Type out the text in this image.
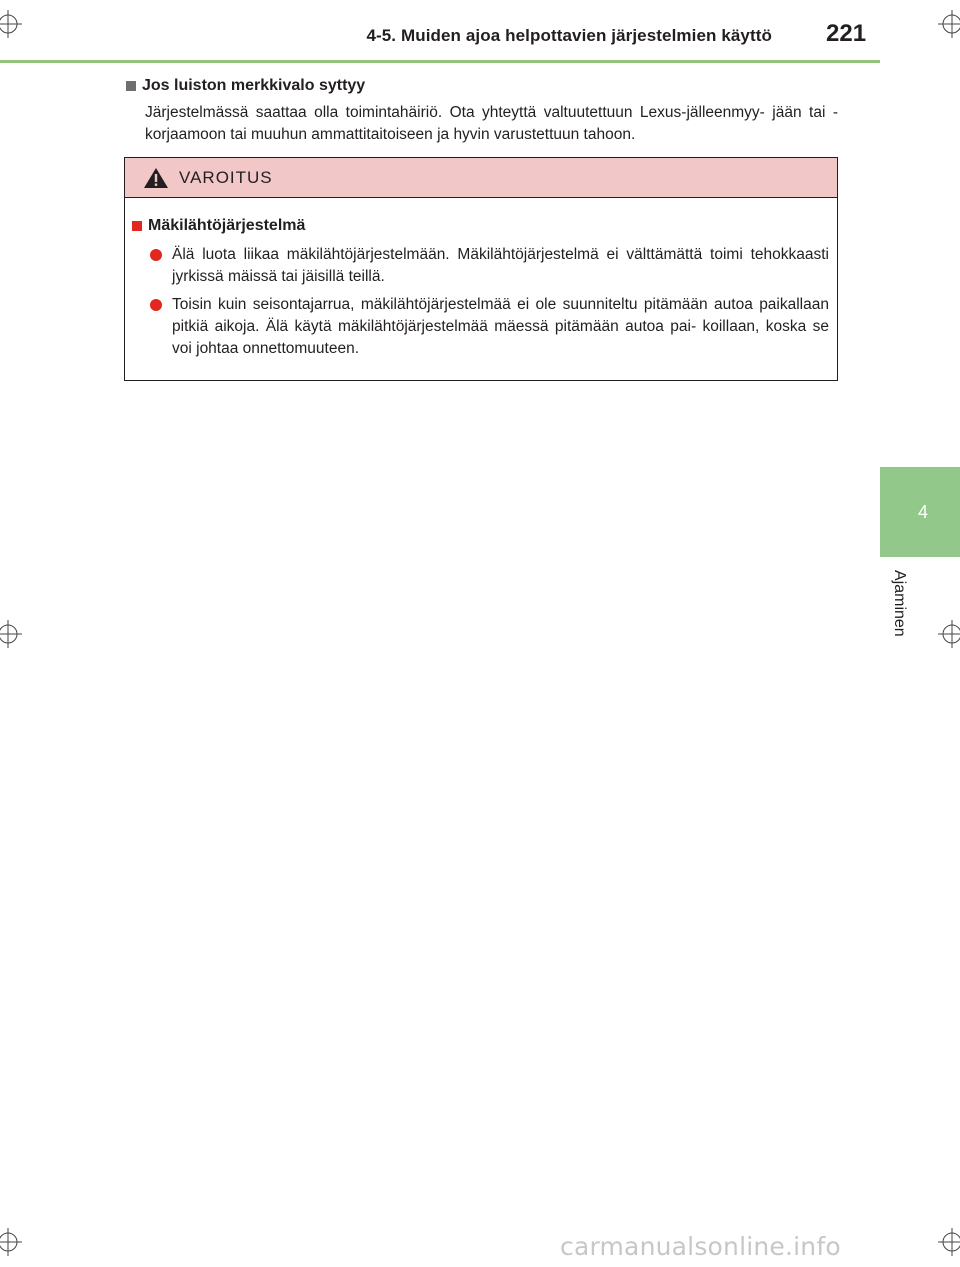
4-5. Muiden ajoa helpottavien järjestelmien käyttö 221
4
Ajaminen
Jos luiston merkkivalo syttyy
Järjestelmässä saattaa olla toimintahäiriö. Ota yhteyttä valtuutettuun Lexus-jälleenmyy- jään tai -korjaamoon tai muuhun ammattitaitoiseen ja hyvin varustettuun tahoon.
VAROITUS
Mäkilähtöjärjestelmä
Älä luota liikaa mäkilähtöjärjestelmään. Mäkilähtöjärjestelmä ei välttämättä toimi tehokkaasti jyrkissä mäissä tai jäisillä teillä.
Toisin kuin seisontajarrua, mäkilähtöjärjestelmää ei ole suunniteltu pitämään autoa paikallaan pitkiä aikoja. Älä käytä mäkilähtöjärjestelmää mäessä pitämään autoa pai- koillaan, koska se voi johtaa onnettomuuteen.
carmanualsonline.info
